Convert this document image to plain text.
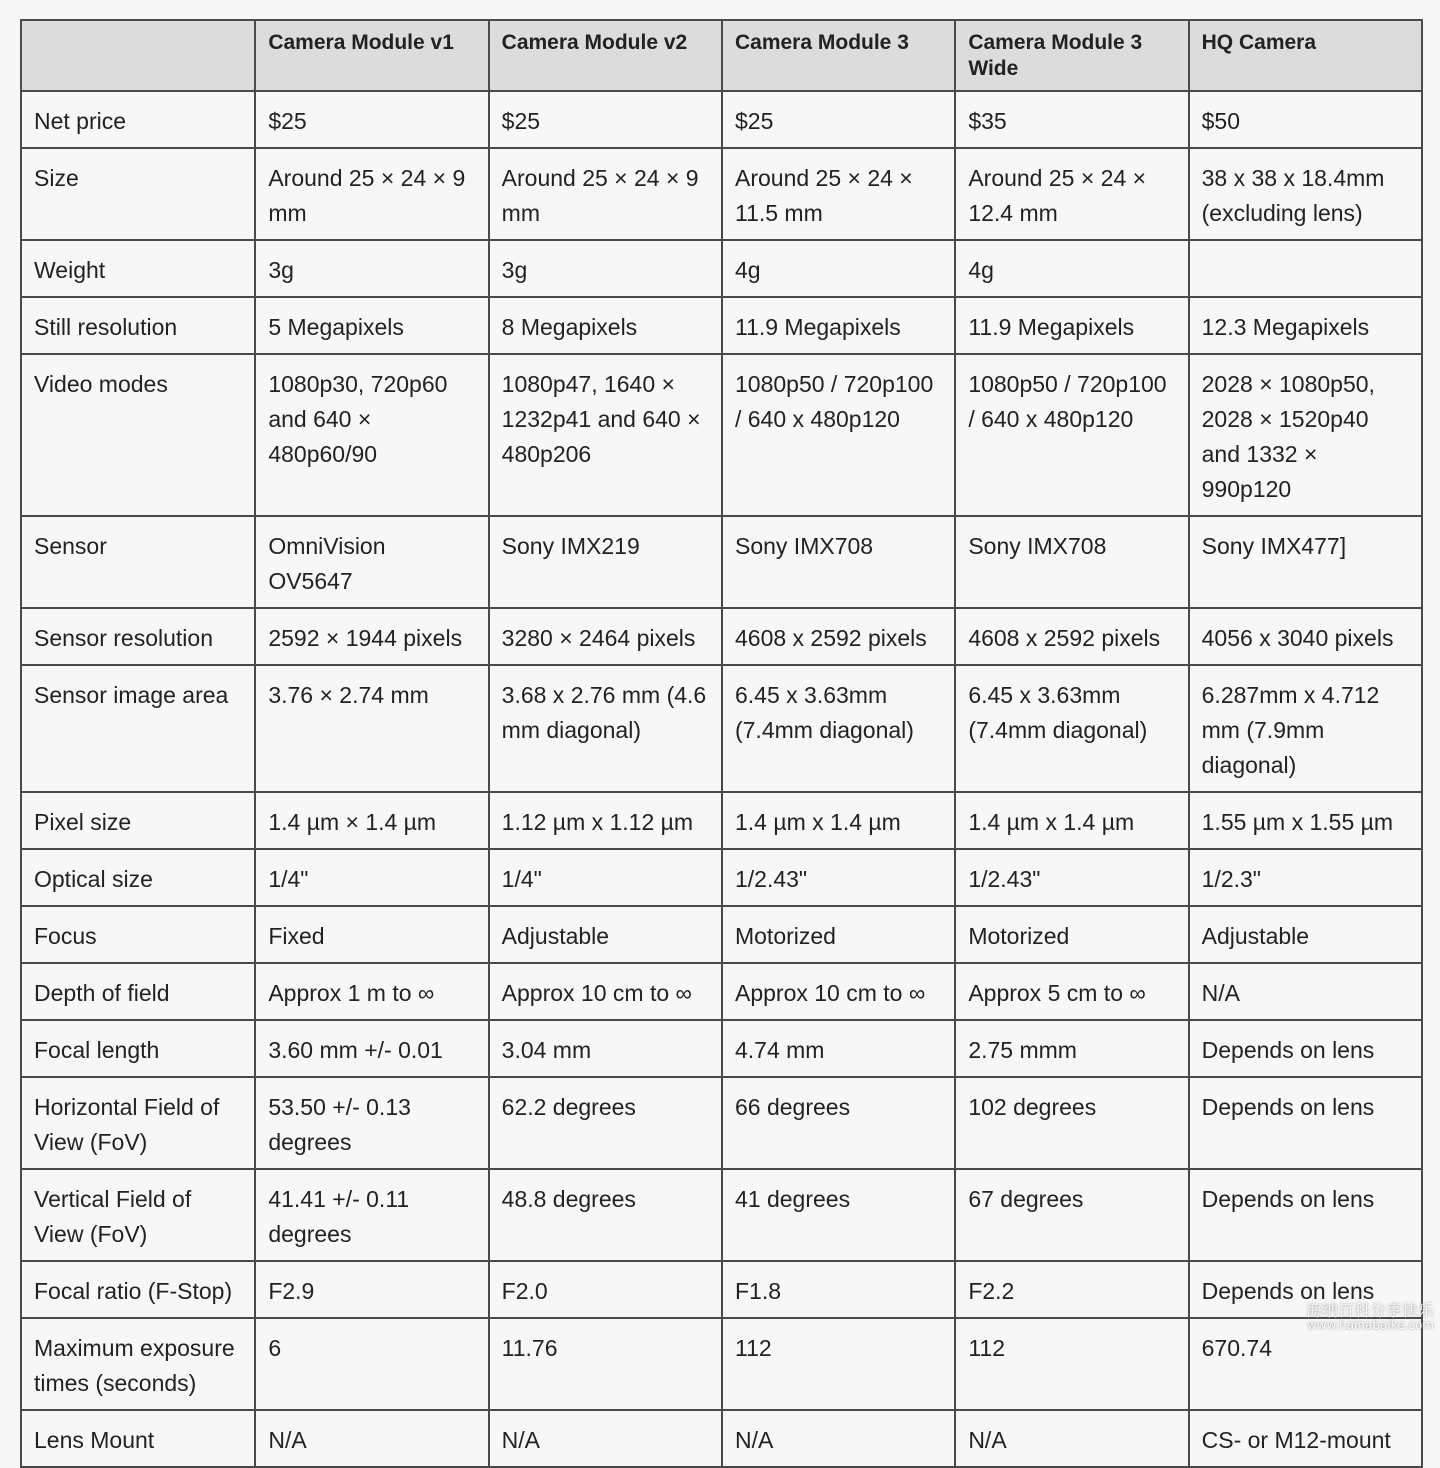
	Camera Module v1	Camera Module v2	Camera Module 3	Camera Module 3 Wide	HQ Camera
Net price	$25	$25	$25	$35	$50
Size	Around 25 × 24 × 9 mm	Around 25 × 24 × 9 mm	Around 25 × 24 × 11.5 mm	Around 25 × 24 × 12.4 mm	38 x 38 x 18.4mm (excluding lens)
Weight	3g	3g	4g	4g	
Still resolution	5 Megapixels	8 Megapixels	11.9 Megapixels	11.9 Megapixels	12.3 Megapixels
Video modes	1080p30, 720p60 and 640 × 480p60/90	1080p47, 1640 × 1232p41 and 640 × 480p206	1080p50 / 720p100 / 640 x 480p120	1080p50 / 720p100 / 640 x 480p120	2028 × 1080p50, 2028 × 1520p40 and 1332 × 990p120
Sensor	OmniVision OV5647	Sony IMX219	Sony IMX708	Sony IMX708	Sony IMX477]
Sensor resolution	2592 × 1944 pixels	3280 × 2464 pixels	4608 x 2592 pixels	4608 x 2592 pixels	4056 x 3040 pixels
Sensor image area	3.76 × 2.74 mm	3.68 x 2.76 mm (4.6 mm diagonal)	6.45 x 3.63mm (7.4mm diagonal)	6.45 x 3.63mm (7.4mm diagonal)	6.287mm x 4.712 mm (7.9mm diagonal)
Pixel size	1.4 µm × 1.4 µm	1.12 µm x 1.12 µm	1.4 µm x 1.4 µm	1.4 µm x 1.4 µm	1.55 µm x 1.55 µm
Optical size	1/4"	1/4"	1/2.43"	1/2.43"	1/2.3"
Focus	Fixed	Adjustable	Motorized	Motorized	Adjustable
Depth of field	Approx 1 m to ∞	Approx 10 cm to ∞	Approx 10 cm to ∞	Approx 5 cm to ∞	N/A
Focal length	3.60 mm +/- 0.01	3.04 mm	4.74 mm	2.75 mmm	Depends on lens
Horizontal Field of View (FoV)	53.50 +/- 0.13 degrees	62.2 degrees	66 degrees	102 degrees	Depends on lens
Vertical Field of View (FoV)	41.41 +/- 0.11 degrees	48.8 degrees	41 degrees	67 degrees	Depends on lens
Focal ratio (F-Stop)	F2.9	F2.0	F1.8	F2.2	Depends on lens
Maximum exposure times (seconds)	6	11.76	112	112	670.74
Lens Mount	N/A	N/A	N/A	N/A	CS- or M12-mount
海纳百科分享快乐
www.hainabaike.com
